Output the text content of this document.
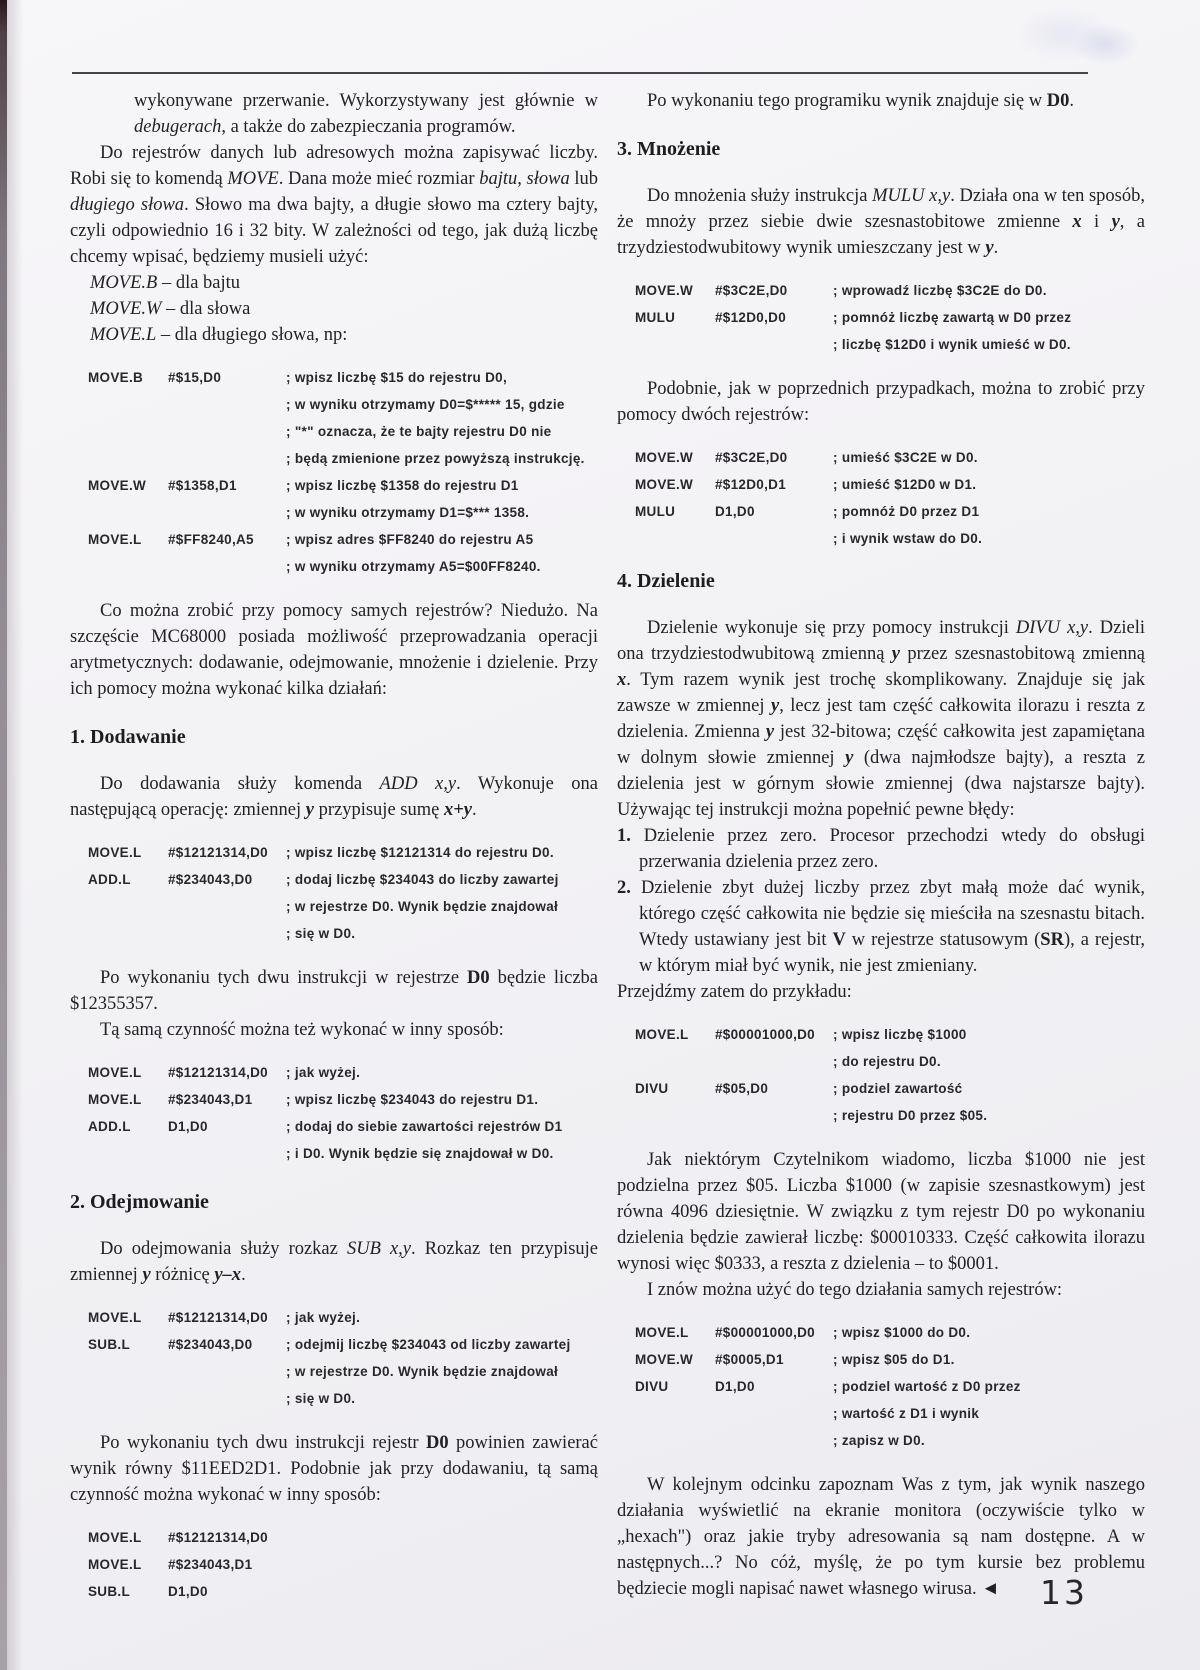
wykonywane przerwanie. Wykorzystywany jest głównie w debugerach, a także do zabezpieczania programów.

Do rejestrów danych lub adresowych można zapisywać liczby. Robi się to komendą MOVE. Dana może mieć rozmiar bajtu, słowa lub długiego słowa. Słowo ma dwa bajty, a długie słowo ma cztery bajty, czyli odpowiednio 16 i 32 bity. W zależności od tego, jak dużą liczbę chcemy wpisać, będziemy musieli użyć:

MOVE.B – dla bajtu

MOVE.W – dla słowa

MOVE.L – dla długiego słowa, np:

MOVE.B	#$15,D0	; wpisz liczbę $15 do rejestru D0,
; w wyniku otrzymamy D0=$***** 15, gdzie
; "*" oznacza, że te bajty rejestru D0 nie
; będą zmienione przez powyższą instrukcję.
MOVE.W	#$1358,D1	; wpisz liczbę $1358 do rejestru D1
; w wyniku otrzymamy D1=$*** 1358.
MOVE.L	#$FF8240,A5	; wpisz adres $FF8240 do rejestru A5
; w wyniku otrzymamy A5=$00FF8240.

Co można zrobić przy pomocy samych rejestrów? Niedużo. Na szczęście MC68000 posiada możliwość przeprowadzania operacji arytmetycznych: dodawanie, odejmowanie, mnożenie i dzielenie. Przy ich pomocy można wykonać kilka działań:

1. Dodawanie

Do dodawania służy komenda ADD x,y. Wykonuje ona następującą operację: zmiennej y przypisuje sumę x+y.

MOVE.L	#$12121314,D0	; wpisz liczbę $12121314 do rejestru D0.
ADD.L	#$234043,D0	; dodaj liczbę $234043 do liczby zawartej
; w rejestrze D0. Wynik będzie znajdował
; się w D0.

Po wykonaniu tych dwu instrukcji w rejestrze D0 będzie liczba $12355357.

Tą samą czynność można też wykonać w inny sposób:

MOVE.L	#$12121314,D0	; jak wyżej.
MOVE.L	#$234043,D1	; wpisz liczbę $234043 do rejestru D1.
ADD.L	D1,D0	; dodaj do siebie zawartości rejestrów D1
; i D0. Wynik będzie się znajdował w D0.
2. Odejmowanie

Do odejmowania służy rozkaz SUB x,y. Rozkaz ten przypisuje zmiennej y różnicę y–x.

MOVE.L	#$12121314,D0	; jak wyżej.
SUB.L	#$234043,D0	; odejmij liczbę $234043 od liczby zawartej
; w rejestrze D0. Wynik będzie znajdował
; się w D0.

Po wykonaniu tych dwu instrukcji rejestr D0 powinien zawierać wynik równy $11EED2D1. Podobnie jak przy dodawaniu, tą samą czynność można wykonać w inny sposób:

MOVE.L	#$12121314,D0
MOVE.L	#$234043,D1
SUB.L	D1,D0

Po wykonaniu tego programiku wynik znajduje się w D0.

3. Mnożenie

Do mnożenia służy instrukcja MULU x,y. Działa ona w ten sposób, że mnoży przez siebie dwie szesnastobitowe zmienne x i y, a trzydziestodwubitowy wynik umieszczany jest w y.

MOVE.W	#$3C2E,D0	; wprowadź liczbę $3C2E do D0.
MULU	#$12D0,D0	; pomnóż liczbę zawartą w D0 przez
; liczbę $12D0 i wynik umieść w D0.

Podobnie, jak w poprzednich przypadkach, można to zrobić przy pomocy dwóch rejestrów:

MOVE.W	#$3C2E,D0	; umieść $3C2E w D0.
MOVE.W	#$12D0,D1	; umieść $12D0 w D1.
MULU	D1,D0	; pomnóż D0 przez D1
; i wynik wstaw do D0.
4. Dzielenie

Dzielenie wykonuje się przy pomocy instrukcji DIVU x,y. Dzieli ona trzydziestodwubitową zmienną y przez szesnastobitową zmienną x. Tym razem wynik jest trochę skomplikowany. Znajduje się jak zawsze w zmiennej y, lecz jest tam część całkowita ilorazu i reszta z dzielenia. Zmienna y jest 32-bitowa; część całkowita jest zapamiętana w dolnym słowie zmiennej y (dwa najmłodsze bajty), a reszta z dzielenia jest w górnym słowie zmiennej (dwa najstarsze bajty). Używając tej instrukcji można popełnić pewne błędy:

1. Dzielenie przez zero. Procesor przechodzi wtedy do obsługi przerwania dzielenia przez zero.

2. Dzielenie zbyt dużej liczby przez zbyt małą może dać wynik, którego część całkowita nie będzie się mieściła na szesnastu bitach. Wtedy ustawiany jest bit V w rejestrze statusowym (SR), a rejestr, w którym miał być wynik, nie jest zmieniany.

Przejdźmy zatem do przykładu:

MOVE.L	#$00001000,D0	; wpisz liczbę $1000
; do rejestru D0.
DIVU	#$05,D0	; podziel zawartość
; rejestru D0 przez $05.

Jak niektórym Czytelnikom wiadomo, liczba $1000 nie jest podzielna przez $05. Liczba $1000 (w zapisie szesnastkowym) jest równa 4096 dziesiętnie. W związku z tym rejestr D0 po wykonaniu dzielenia będzie zawierał liczbę: $00010333. Część całkowita ilorazu wynosi więc $0333, a reszta z dzielenia – to $0001.

I znów można użyć do tego działania samych rejestrów:

MOVE.L	#$00001000,D0	; wpisz $1000 do D0.
MOVE.W	#$0005,D1	; wpisz $05 do D1.
DIVU	D1,D0	; podziel wartość z D0 przez
; wartość z D1 i wynik
; zapisz w D0.

W kolejnym odcinku zapoznam Was z tym, jak wynik naszego działania wyświetlić na ekranie monitora (oczywiście tylko w „hexach") oraz jakie tryby adresowania są nam dostępne. A w następnych...? No cóż, myślę, że po tym kursie bez problemu będziecie mogli napisać nawet własnego wirusa. ◄	13
